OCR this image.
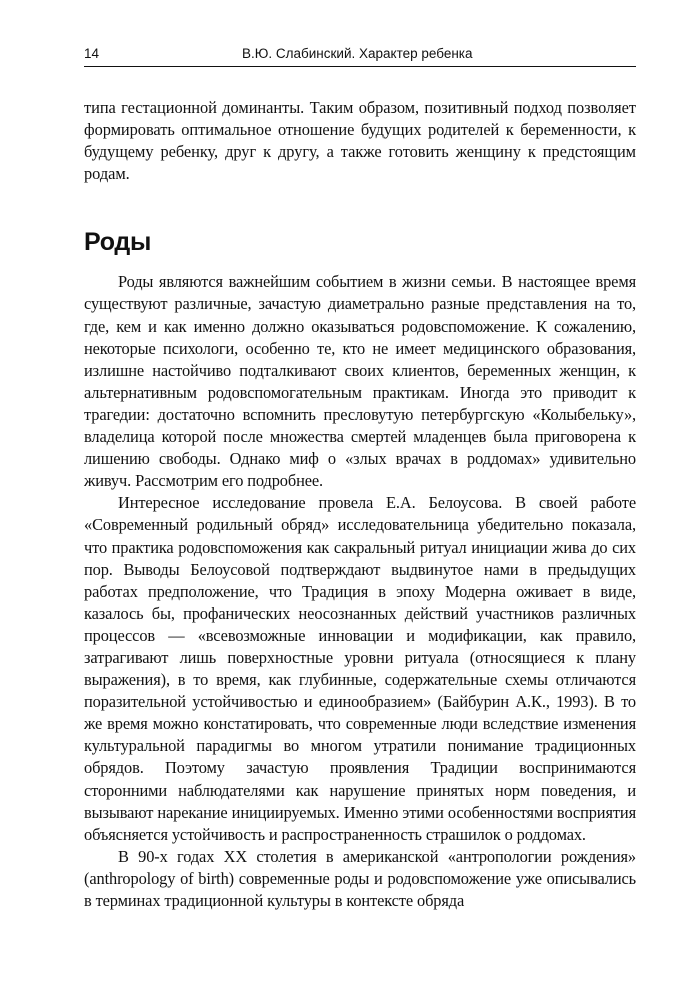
14	В.Ю. Слабинский. Характер ребенка

типа гестационной доминанты. Таким образом, позитивный подход позволяет формировать оптимальное отношение будущих родителей к беременности, к будущему ребенку, друг к другу, а также готовить женщину к предстоящим родам.

Роды

Роды являются важнейшим событием в жизни семьи. В настоящее время существуют различные, зачастую диаметрально разные представления на то, где, кем и как именно должно оказываться родовспоможение. К сожалению, некоторые психологи, особенно те, кто не имеет медицинского образования, излишне настойчиво подталкивают своих клиентов, беременных женщин, к альтернативным родовспомогательным практикам. Иногда это приводит к трагедии: достаточно вспомнить пресловутую петербургскую «Колыбельку», владелица которой после множества смертей младенцев была приговорена к лишению свободы. Однако миф о «злых врачах в роддомах» удивительно живуч. Рассмотрим его подробнее.

Интересное исследование провела Е.А. Белоусова. В своей работе «Современный родильный обряд» исследовательница убедительно показала, что практика родовспоможения как сакральный ритуал инициации жива до сих пор. Выводы Белоусовой подтверждают выдвинутое нами в предыдущих работах предположение, что Традиция в эпоху Модерна оживает в виде, казалось бы, профанических неосознанных действий участников различных процессов — «всевозможные инновации и модификации, как правило, затрагивают лишь поверхностные уровни ритуала (относящиеся к плану выражения), в то время, как глубинные, содержательные схемы отличаются поразительной устойчивостью и единообразием» (Байбурин А.К., 1993). В то же время можно констатировать, что современные люди вследствие изменения культуральной парадигмы во многом утратили понимание традиционных обрядов. Поэтому зачастую проявления Традиции воспринимаются сторонними наблюдателями как нарушение принятых норм поведения, и вызывают нарекание инициируемых. Именно этими особенностями восприятия объясняется устойчивость и распространенность страшилок о роддомах.

В 90-х годах XX столетия в американской «антропологии рождения» (anthropology of birth) современные роды и родовспоможение уже описывались в терминах традиционной культуры в контексте обряда
